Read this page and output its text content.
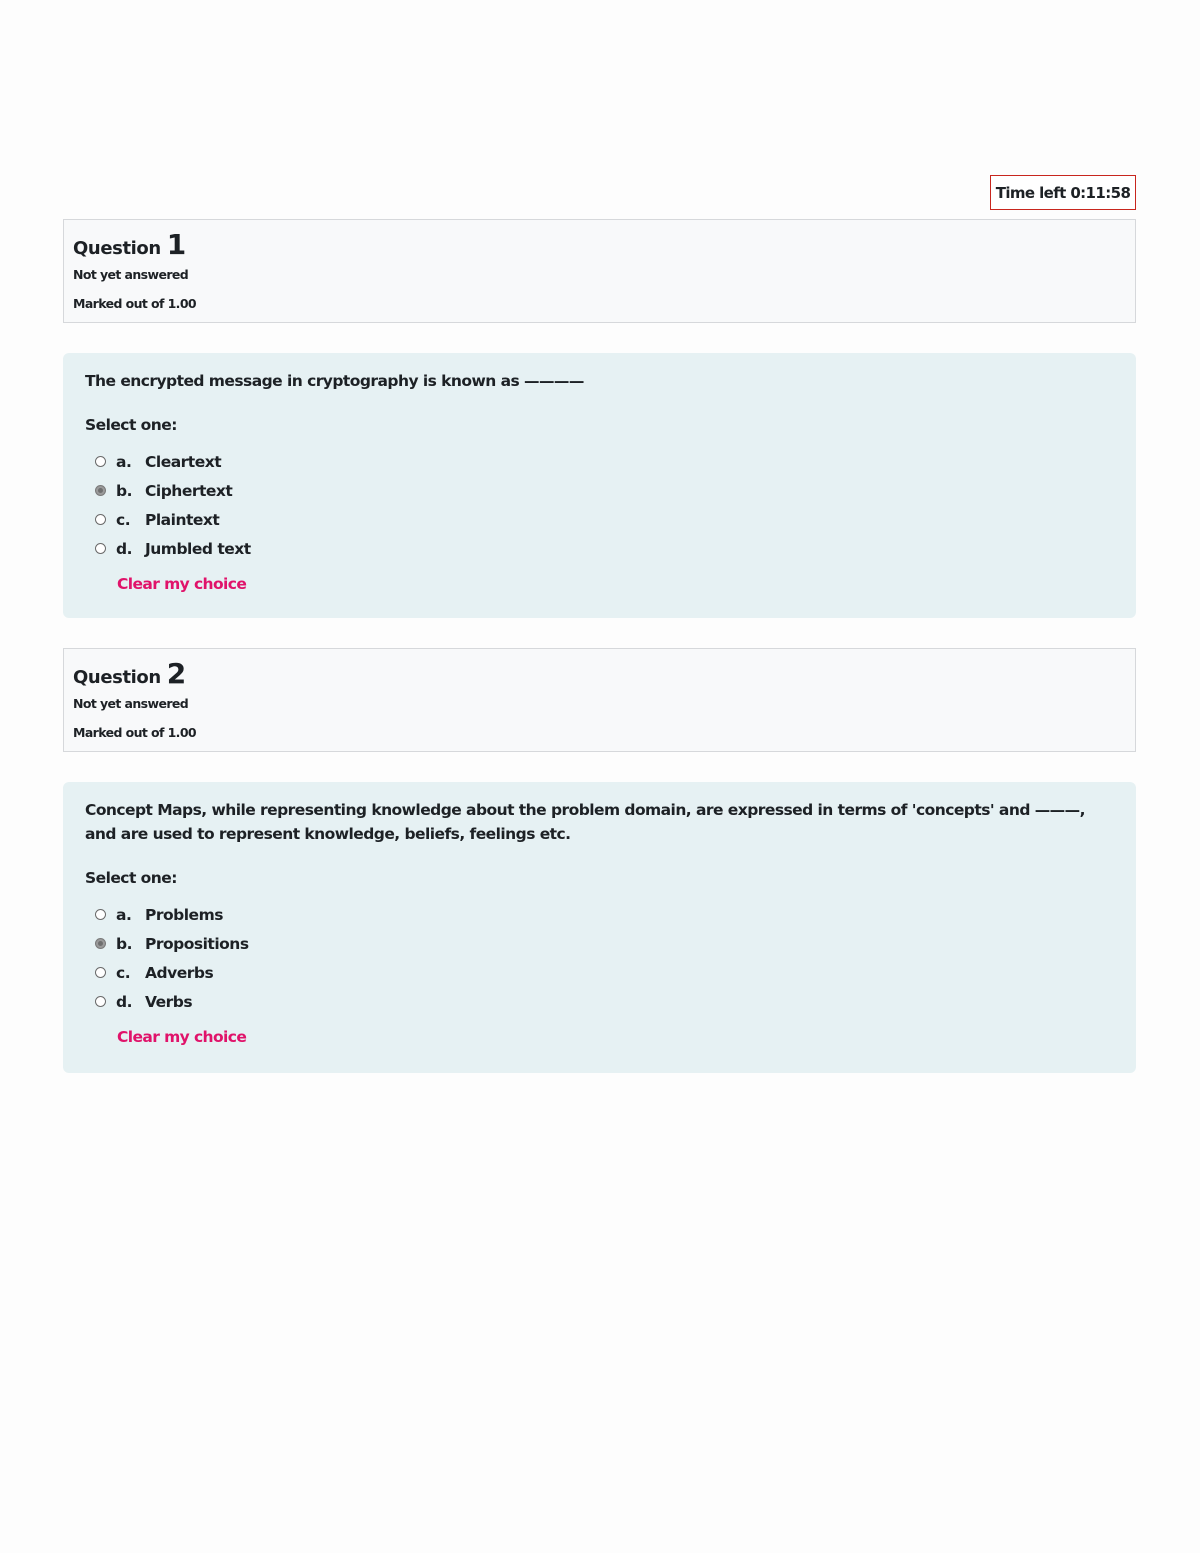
Time left 0:11:58
Question 1
Not yet answered
Marked out of 1.00

The encrypted message in cryptography is known as ————

Select one:
a. Cleartext
b. Ciphertext
c. Plaintext
d. Jumbled text
Clear my choice
Question 2
Not yet answered
Marked out of 1.00

Concept Maps, while representing knowledge about the problem domain, are expressed in terms of 'concepts' and ———, and are used to represent knowledge, beliefs, feelings etc.

Select one:
a. Problems
b. Propositions
c. Adverbs
d. Verbs
Clear my choice
